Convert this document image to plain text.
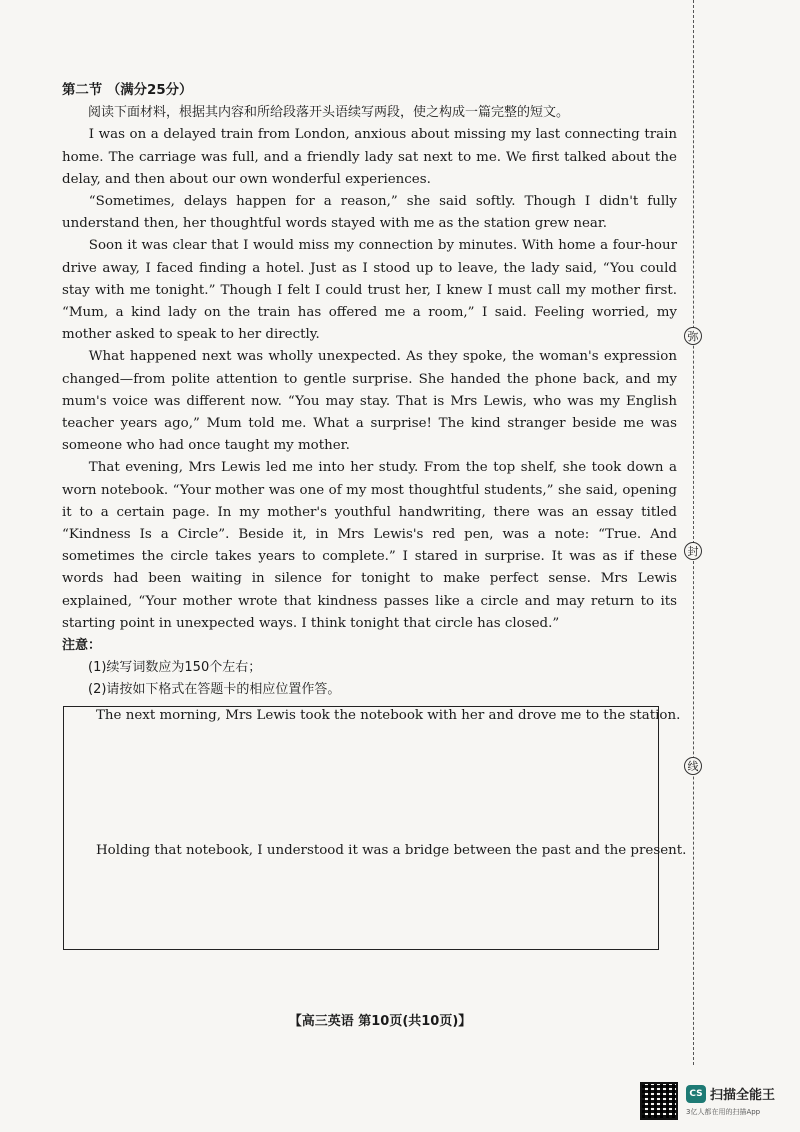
弥
封
线

第二节 （满分25分）

阅读下面材料，根据其内容和所给段落开头语续写两段，使之构成一篇完整的短文。

I was on a delayed train from London, anxious about missing my last connecting train home. The carriage was full, and a friendly lady sat next to me. We first talked about the delay, and then about our own wonderful experiences.

“Sometimes, delays happen for a reason,” she said softly. Though I didn't fully understand then, her thoughtful words stayed with me as the station grew near.

Soon it was clear that I would miss my connection by minutes. With home a four-hour drive away, I faced finding a hotel. Just as I stood up to leave, the lady said, “You could stay with me tonight.” Though I felt I could trust her, I knew I must call my mother first. “Mum, a kind lady on the train has offered me a room,” I said. Feeling worried, my mother asked to speak to her directly.

What happened next was wholly unexpected. As they spoke, the woman's expression changed—from polite attention to gentle surprise. She handed the phone back, and my mum's voice was different now. “You may stay. That is Mrs Lewis, who was my English teacher years ago,” Mum told me. What a surprise! The kind stranger beside me was someone who had once taught my mother.

That evening, Mrs Lewis led me into her study. From the top shelf, she took down a worn notebook. “Your mother was one of my most thoughtful students,” she said, opening it to a certain page. In my mother's youthful handwriting, there was an essay titled “Kindness Is a Circle”. Beside it, in Mrs Lewis's red pen, was a note: “True. And sometimes the circle takes years to complete.” I stared in surprise. It was as if these words had been waiting in silence for tonight to make perfect sense. Mrs Lewis explained, “Your mother wrote that kindness passes like a circle and may return to its starting point in unexpected ways. I think tonight that circle has closed.”

注意：

(1)续写词数应为150个左右；

(2)请按如下格式在答题卡的相应位置作答。

The next morning, Mrs Lewis took the notebook with her and drove me to the station.
Holding that notebook, I understood it was a bridge between the past and the present.
【高三英语 第10页(共10页)】
CS 扫描全能王
3亿人都在用的扫描App
